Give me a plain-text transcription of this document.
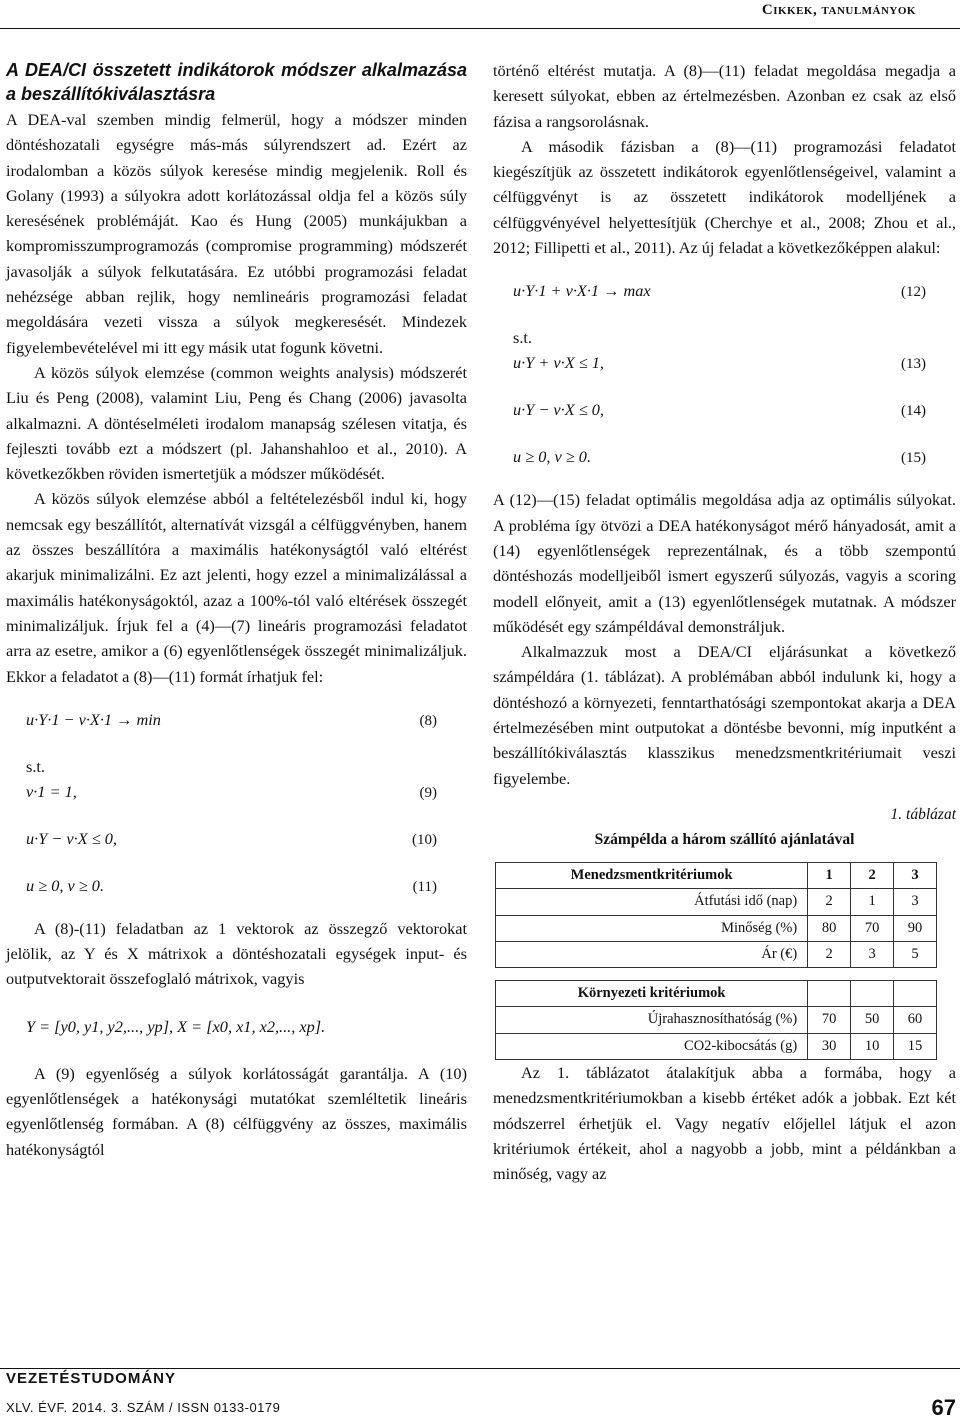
Cikkek, tanulmányok
A DEA/CI összetett indikátorok módszer alkalmazása a beszállítókiválasztásra

A DEA-val szemben mindig felmerül, hogy a módszer minden döntéshozatali egységre más-más súlyrendszert ad. Ezért az irodalomban a közös súlyok keresése mindig megjelenik. Roll és Golany (1993) a súlyokra adott korlátozással oldja fel a közös súly keresésének problémáját. Kao és Hung (2005) munkájukban a kompromisszumprogramozás (compromise programming) módszerét javasolják a súlyok felkutatására. Ez utóbbi programozási feladat nehézsége abban rejlik, hogy nemlineáris programozási feladat megoldására vezeti vissza a súlyok megkeresését. Mindezek figyelembevételével mi itt egy másik utat fogunk követni.

A közös súlyok elemzése (common weights analysis) módszerét Liu és Peng (2008), valamint Liu, Peng és Chang (2006) javasolta alkalmazni. A döntéselméleti irodalom manapság szélesen vitatja, és fejleszti tovább ezt a módszert (pl. Jahanshahloo et al., 2010). A következőkben röviden ismertetjük a módszer működését.

A közös súlyok elemzése abból a feltételezésből indul ki, hogy nemcsak egy beszállítót, alternatívát vizsgál a célfüggvényben, hanem az összes beszállítóra a maximális hatékonyságtól való eltérést akarjuk minimalizálni. Ez azt jelenti, hogy ezzel a minimalizálással a maximális hatékonyságoktól, azaz a 100%-tól való eltérések összegét minimalizáljuk. Írjuk fel a (4)—(7) lineáris programozási feladatot arra az esetre, amikor a (6) egyenlőtlenségek összegét minimalizáljuk. Ekkor a feladatot a (8)—(11) formát írhatjuk fel:

u·Y·1 − v·X·1 → min	(8)
s.t.
v·1 = 1,	(9)
u·Y − v·X ≤ 0,	(10)
u ≥ 0, v ≥ 0.	(11)

A (8)-(11) feladatban az 1 vektorok az összegző vektorokat jelölik, az Y és X mátrixok a döntéshozatali egységek input- és outputvektorait összefoglaló mátrixok, vagyis

Y = [y0, y1, y2,..., yp], X = [x0, x1, x2,..., xp].

A (9) egyenlőség a súlyok korlátosságát garantálja. A (10) egyenlőtlenségek a hatékonysági mutatókat szemléltetik lineáris egyenlőtlenség formában. A (8) célfüggvény az összes, maximális hatékonyságtól

történő eltérést mutatja. A (8)—(11) feladat megoldása megadja a keresett súlyokat, ebben az értelmezésben. Azonban ez csak az első fázisa a rangsorolásnak.

A második fázisban a (8)—(11) programozási feladatot kiegészítjük az összetett indikátorok egyenlőtlenségeivel, valamint a célfüggvényt is az összetett indikátorok modelljének a célfüggvényével helyettesítjük (Cherchye et al., 2008; Zhou et al., 2012; Fillipetti et al., 2011). Az új feladat a következőképpen alakul:

u·Y·1 + v·X·1 → max	(12)
s.t.
u·Y + v·X ≤ 1,	(13)
u·Y − v·X ≤ 0,	(14)
u ≥ 0, v ≥ 0.	(15)

A (12)—(15) feladat optimális megoldása adja az optimális súlyokat. A probléma így ötvözi a DEA hatékonyságot mérő hányadosát, amit a (14) egyenlőtlenségek reprezentálnak, és a több szempontú döntéshozás modelljeiből ismert egyszerű súlyozás, vagyis a scoring modell előnyeit, amit a (13) egyenlőtlenségek mutatnak. A módszer működését egy számpéldával demonstráljuk.

Alkalmazzuk most a DEA/CI eljárásunkat a következő számpéldára (1. táblázat). A problémában abból indulunk ki, hogy a döntéshozó a környezeti, fenntarthatósági szempontokat akarja a DEA értelmezésében mint outputokat a döntésbe bevonni, míg inputként a beszállítókiválasztás klasszikus menedzsmentkritériumait veszi figyelembe.

1. táblázat
Számpélda a három szállító ajánlatával
Menedzsmentkritériumok	1	2	3
Átfutási idő (nap)	2	1	3
Minőség (%)	80	70	90
Ár (€)	2	3	5

Környezeti kritériumok			
Újrahasznosíthatóság (%)	70	50	60
CO2-kibocsátás (g)	30	10	15

Az 1. táblázatot átalakítjuk abba a formába, hogy a menedzsmentkritériumokban a kisebb értéket adók a jobbak. Ezt két módszerrel érhetjük el. Vagy negatív előjellel látjuk el azon kritériumok értékeit, ahol a nagyobb a jobb, mint a példánkban a minőség, vagy az

VEZETÉSTUDOMÁNY
XLV. ÉVF. 2014. 3. SZÁM / ISSN 0133-0179	67
